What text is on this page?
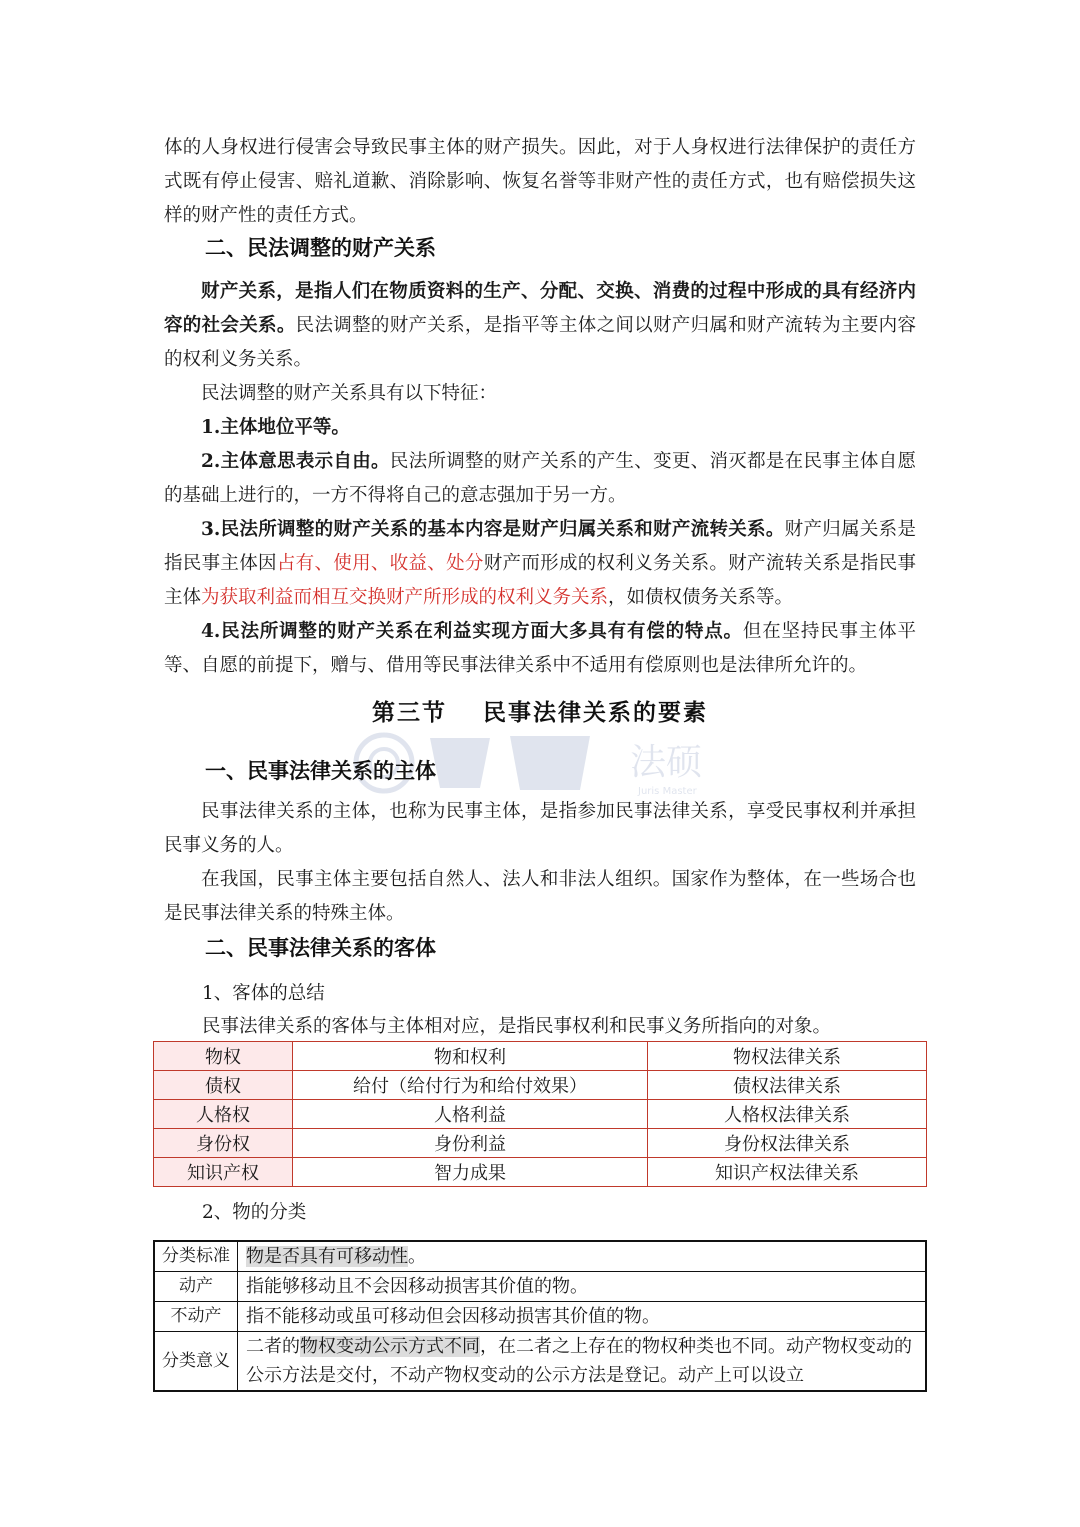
法硕
Juris Master

体的人身权进行侵害会导致民事主体的财产损失。因此，对于人身权进行法律保护的责任方式既有停止侵害、赔礼道歉、消除影响、恢复名誉等非财产性的责任方式，也有赔偿损失这样的财产性的责任方式。

二、民法调整的财产关系

财产关系，是指人们在物质资料的生产、分配、交换、消费的过程中形成的具有经济内容的社会关系。民法调整的财产关系，是指平等主体之间以财产归属和财产流转为主要内容的权利义务关系。

民法调整的财产关系具有以下特征：

1.主体地位平等。

2.主体意思表示自由。民法所调整的财产关系的产生、变更、消灭都是在民事主体自愿的基础上进行的，一方不得将自己的意志强加于另一方。

3.民法所调整的财产关系的基本内容是财产归属关系和财产流转关系。财产归属关系是指民事主体因占有、使用、收益、处分财产而形成的权利义务关系。财产流转关系是指民事主体为获取利益而相互交换财产所形成的权利义务关系，如债权债务关系等。

4.民法所调整的财产关系在利益实现方面大多具有有偿的特点。但在坚持民事主体平等、自愿的前提下，赠与、借用等民事法律关系中不适用有偿原则也是法律所允许的。

第三节 民事法律关系的要素
一、民事法律关系的主体

民事法律关系的主体，也称为民事主体，是指参加民事法律关系，享受民事权利并承担民事义务的人。

在我国，民事主体主要包括自然人、法人和非法人组织。国家作为整体，在一些场合也是民事法律关系的特殊主体。

二、民事法律关系的客体
1、客体的总结
民事法律关系的客体与主体相对应，是指民事权利和民事义务所指向的对象。
物权	物和权利	物权法律关系
债权	给付（给付行为和给付效果）	债权法律关系
人格权	人格利益	人格权法律关系
身份权	身份利益	身份权法律关系
知识产权	智力成果	知识产权法律关系
2、物的分类
分类标准	物是否具有可移动性。
动产	指能够移动且不会因移动损害其价值的物。
不动产	指不能移动或虽可移动但会因移动损害其价值的物。
分类意义	二者的物权变动公示方式不同，在二者之上存在的物权种类也不同。动产物权变动的公示方法是交付，不动产物权变动的公示方法是登记。动产上可以设立
